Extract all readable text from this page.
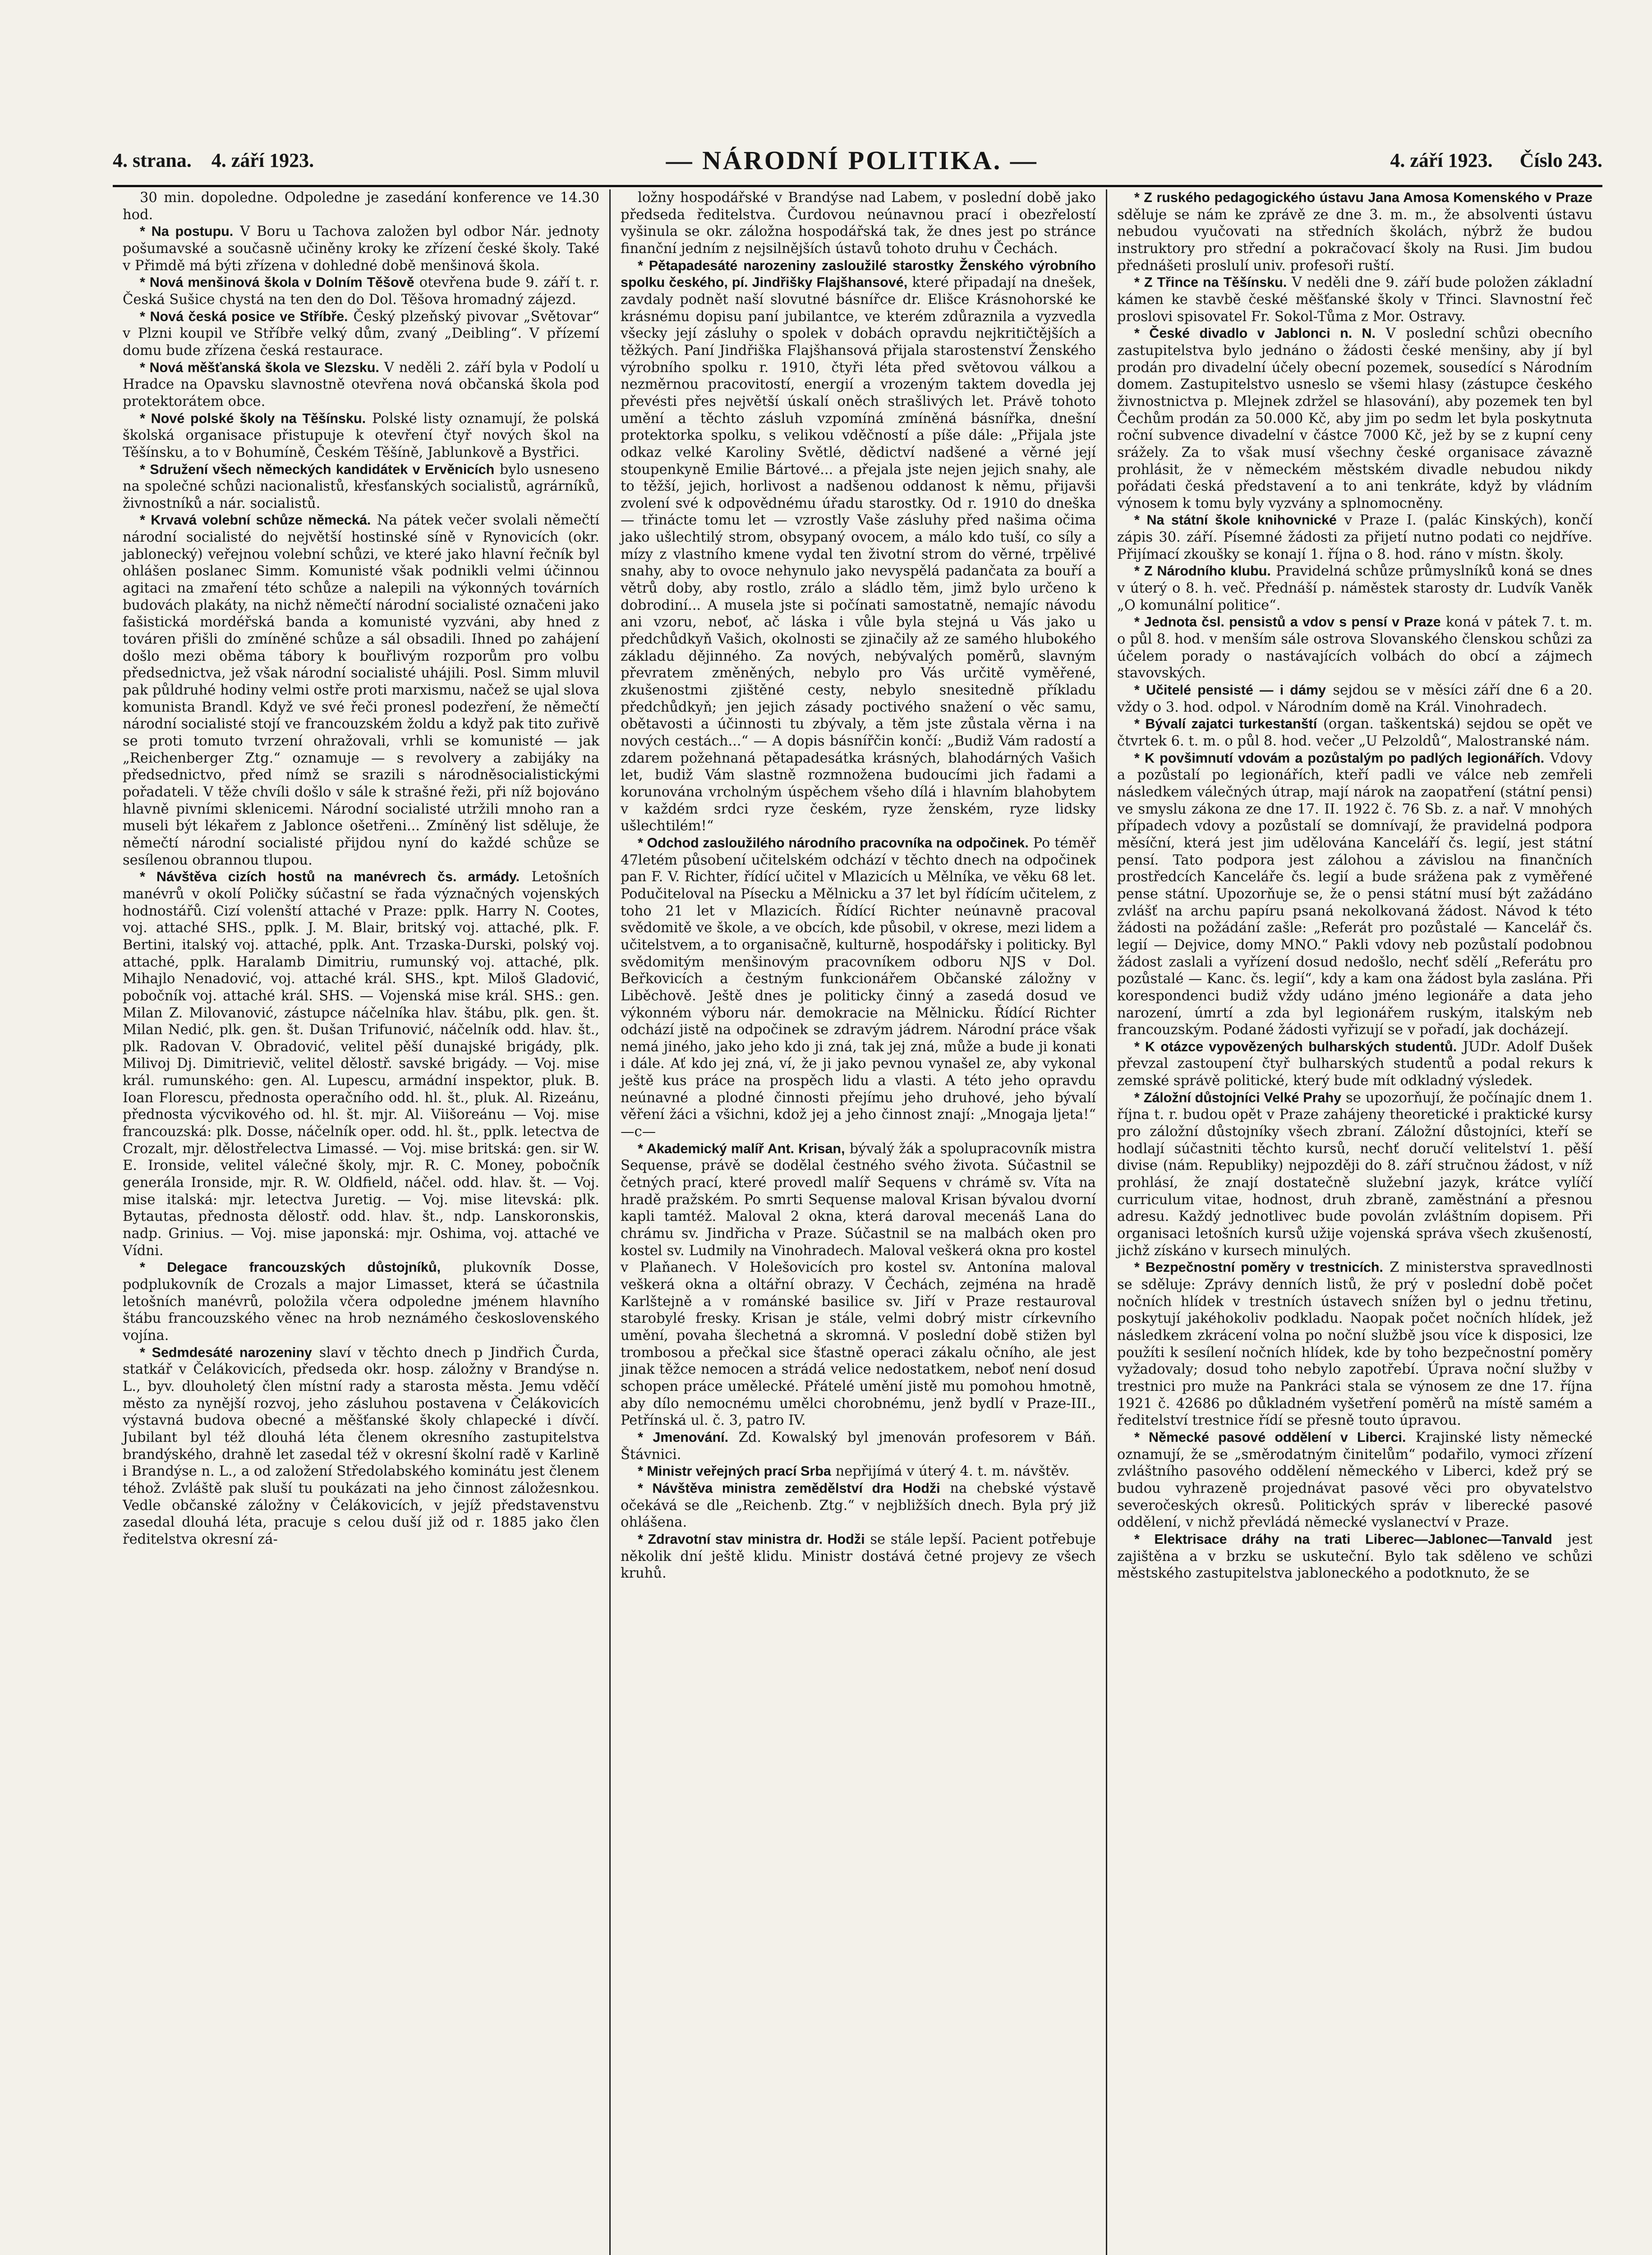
4. strana. 4. září 1923.	— NÁRODNÍ POLITIKA. —	4. září 1923. Číslo 243.

30 min. dopoledne. Odpoledne je zasedání konference ve 14.30 hod.

* Na postupu. V Boru u Tachova založen byl odbor Nár. jednoty pošumavské a současně učiněny kroky ke zřízení české školy. Také v Přimdě má býti zřízena v dohledné době menšinová škola.

* Nová menšinová škola v Dolním Těšově otevřena bude 9. září t. r. Česká Sušice chystá na ten den do Dol. Těšova hromadný zájezd.

* Nová česká posice ve Stříbře. Český plzeňský pivovar „Světovar“ v Plzni koupil ve Stříbře velký dům, zvaný „Deibling“. V přízemí domu bude zřízena česká restaurace.

* Nová měšťanská škola ve Slezsku. V neděli 2. září byla v Podolí u Hradce na Opavsku slavnostně otevřena nová občanská škola pod protektorátem obce.

* Nové polské školy na Těšínsku. Polské listy oznamují, že polská školská organisace přistupuje k otevření čtyř nových škol na Těšínsku, a to v Bohumíně, Českém Těšíně, Jablunkově a Bystřici.

* Sdružení všech německých kandidátek v Ervěnicích bylo usneseno na společné schůzi nacionalistů, křesťanských socialistů, agrárníků, živnostníků a nár. socialistů.

* Krvavá volební schůze německá. Na pátek večer svolali němečtí národní socialisté do největší hostinské síně v Rynovicích (okr. jablonecký) veřejnou volební schůzi, ve které jako hlavní řečník byl ohlášen poslanec Simm. Komunisté však podnikli velmi účinnou agitaci na zmaření této schůze a nalepili na výkonných továrních budovách plakáty, na nichž němečtí národní socialisté označeni jako fašistická mordéřská banda a komunisté vyzváni, aby hned z továren přišli do zmíněné schůze a sál obsadili. Ihned po zahájení došlo mezi oběma tábory k bouřlivým rozporům pro volbu předsednictva, jež však národní socialisté uhájili. Posl. Simm mluvil pak půldruhé hodiny velmi ostře proti marxismu, načež se ujal slova komunista Brandl. Když ve své řeči pronesl podezření, že němečtí národní socialisté stojí ve francouzském žoldu a když pak tito zuřivě se proti tomuto tvrzení ohražovali, vrhli se komunisté — jak „Reichenberger Ztg.“ oznamuje — s revolvery a zabijáky na předsednictvo, před nímž se srazili s národněsocialistickými pořadateli. V těže chvíli došlo v sále k strašné řeži, při níž bojováno hlavně pivními sklenicemi. Národní socialisté utržili mnoho ran a museli být lékařem z Jablonce ošetřeni... Zmíněný list sděluje, že němečtí národní socialisté přijdou nyní do každé schůze se sesílenou obrannou tlupou.

* Návštěva cizích hostů na manévrech čs. armády. Letošních manévrů v okolí Poličky súčastní se řada význačných vojenských hodnostářů. Cizí volenští attaché v Praze: pplk. Harry N. Cootes, voj. attaché SHS., pplk. J. M. Blair, britský voj. attaché, plk. F. Bertini, italský voj. attaché, pplk. Ant. Trzaska-Durski, polský voj. attaché, pplk. Haralamb Dimitriu, rumunský voj. attaché, plk. Mihajlo Nenadović, voj. attaché král. SHS., kpt. Miloš Gladović, pobočník voj. attaché král. SHS. — Vojenská mise král. SHS.: gen. Milan Z. Milovanović, zástupce náčelníka hlav. štábu, plk. gen. št. Milan Nedić, plk. gen. št. Dušan Trifunović, náčelník odd. hlav. št., plk. Radovan V. Obradović, velitel pěší dunajské brigády, plk. Milivoj Dj. Dimitrievič, velitel dělostř. savské brigády. — Voj. mise král. rumunského: gen. Al. Lupescu, armádní inspektor, pluk. B. Ioan Florescu, přednosta operačního odd. hl. št., pluk. Al. Rizeánu, přednosta výcvikového od. hl. št. mjr. Al. Viišoreánu — Voj. mise francouzská: plk. Dosse, náčelník oper. odd. hl. št., pplk. letectva de Crozalt, mjr. dělostřelectva Limassé. — Voj. mise britská: gen. sir W. E. Ironside, velitel válečné školy, mjr. R. C. Money, pobočník generála Ironside, mjr. R. W. Oldfield, náčel. odd. hlav. št. — Voj. mise italská: mjr. letectva Juretig. — Voj. mise litevská: plk. Bytautas, přednosta dělostř. odd. hlav. št., ndp. Lanskoronskis, nadp. Grinius. — Voj. mise japonská: mjr. Oshima, voj. attaché ve Vídni.

* Delegace francouzských důstojníků, plukovník Dosse, podplukovník de Crozals a major Limasset, která se účastnila letošních manévrů, položila včera odpoledne jménem hlavního štábu francouzského věnec na hrob neznámého československého vojína.

* Sedmdesáté narozeniny slaví v těchto dnech p Jindřich Čurda, statkář v Čelákovicích, předseda okr. hosp. záložny v Brandýse n. L., byv. dlouholetý člen místní rady a starosta města. Jemu vděčí město za nynější rozvoj, jeho zásluhou postavena v Čelákovicích výstavná budova obecné a měšťanské školy chlapecké i dívčí. Jubilant byl též dlouhá léta členem okresního zastupitelstva brandýského, drahně let zasedal též v okresní školní radě v Karlině i Brandýse n. L., a od založení Středolabského kominátu jest členem téhož. Zvláště pak sluší tu poukázati na jeho činnost záložesnkou. Vedle občanské záložny v Čelákovicích, v jejíž představenstvu zasedal dlouhá léta, pracuje s celou duší již od r. 1885 jako člen ředitelstva okresní zá-

ložny hospodářské v Brandýse nad Labem, v poslední době jako předseda ředitelstva. Čurdovou neúnavnou prací i obezřelostí vyšinula se okr. záložna hospodářská tak, že dnes jest po stránce finanční jedním z nejsilnějších ústavů tohoto druhu v Čechách.

* Pětapadesáté narozeniny zasloužilé starostky Ženského výrobního spolku českého, pí. Jindřišky Flajšhansové, které připadají na dnešek, zavdaly podnět naší slovutné básnířce dr. Elišce Krásnohorské ke krásnému dopisu paní jubilantce, ve kterém zdůraznila a vyzvedla všecky její zásluhy o spolek v dobách opravdu nejkritičtějších a těžkých. Paní Jindřiška Flajšhansová přijala starostenství Ženského výrobního spolku r. 1910, čtyři léta před světovou válkou a nezměrnou pracovitostí, energií a vrozeným taktem dovedla jej převésti přes největší úskalí oněch strašlivých let. Právě tohoto umění a těchto zásluh vzpomíná zmíněná básnířka, dnešní protektorka spolku, s velikou vděčností a píše dále: „Přijala jste odkaz velké Karoliny Světlé, dědictví nadšené a věrné její stoupenkyně Emilie Bártové... a přejala jste nejen jejich snahy, ale to těžší, jejich, horlivost a nadšenou oddanost k němu, přijavši zvolení své k odpovědnému úřadu starostky. Od r. 1910 do dneška — třinácte tomu let — vzrostly Vaše zásluhy před našima očima jako ušlechtilý strom, obsypaný ovocem, a málo kdo tuší, co síly a mízy z vlastního kmene vydal ten životní strom do věrné, trpělivé snahy, aby to ovoce nehynulo jako nevyspělá padančata za bouří a větrů doby, aby rostlo, zrálo a sládlo těm, jimž bylo určeno k dobrodiní... A musela jste si počínati samostatně, nemajíc návodu ani vzoru, neboť, ač láska i vůle byla stejná u Vás jako u předchůdkyň Vašich, okolnosti se zjinačily až ze samého hlubokého základu dějinného. Za nových, nebývalých poměrů, slavným převratem změněných, nebylo pro Vás určitě vyměřené, zkušenostmi zjištěné cesty, nebylo snesitedně příkladu předchůdkyň; jen jejich zásady poctivého snažení o věc samu, obětavosti a účinnosti tu zbývaly, a těm jste zůstala věrna i na nových cestách...“ — A dopis básnířčin končí: „Budiž Vám radostí a zdarem požehnaná pětapadesátka krásných, blahodárných Vašich let, budiž Vám slastně rozmnožena budoucími jich řadami a korunována vrcholným úspěchem všeho dílá i hlavním blahobytem v každém srdci ryze českém, ryze ženském, ryze lidsky ušlechtilém!“

* Odchod zasloužilého národního pracovníka na odpočinek. Po téměř 47letém působení učitelském odchází v těchto dnech na odpočinek pan F. V. Richter, řídící učitel v Mlazicích u Mělníka, ve věku 68 let. Podučiteloval na Písecku a Mělnicku a 37 let byl řídícím učitelem, z toho 21 let v Mlazicích. Řídící Richter neúnavně pracoval svědomitě ve škole, a ve obcích, kde působil, v okrese, mezi lidem a učitelstvem, a to organisačně, kulturně, hospodářsky i politicky. Byl svědomitým menšinovým pracovníkem odboru NJS v Dol. Beřkovicích a čestným funkcionářem Občanské záložny v Liběchově. Ještě dnes je politicky činný a zasedá dosud ve výkonném výboru nár. demokracie na Mělnicku. Řídící Richter odchází jistě na odpočinek se zdravým jádrem. Národní práce však nemá jiného, jako jeho kdo ji zná, tak jej zná, může a bude ji konati i dále. Ať kdo jej zná, ví, že ji jako pevnou vynašel ze, aby vykonal ještě kus práce na prospěch lidu a vlasti. A této jeho opravdu neúnavné a plodné činnosti přejímu jeho druhové, jeho bývalí věření žáci a všichni, kdož jej a jeho činnost znají: „Mnogaja ljeta!“ —c—

* Akademický malíř Ant. Krisan, bývalý žák a spolupracovník mistra Sequense, právě se dodělal čestného svého života. Súčastnil se četných prací, které provedl malíř Sequens v chrámě sv. Víta na hradě pražském. Po smrti Sequense maloval Krisan bývalou dvorní kapli tamtéž. Maloval 2 okna, která daroval mecenáš Lana do chrámu sv. Jindřicha v Praze. Súčastnil se na malbách oken pro kostel sv. Ludmily na Vinohradech. Maloval veškerá okna pro kostel v Plaňanech. V Holešovicích pro kostel sv. Antonína maloval veškerá okna a oltářní obrazy. V Čechách, zejména na hradě Karlštejně a v románské basilice sv. Jiří v Praze restauroval starobylé fresky. Krisan je stále, velmi dobrý mistr církevního umění, povaha šlechetná a skromná. V poslední době stižen byl trombosou a přečkal sice šťastně operaci zákalu očního, ale jest jinak těžce nemocen a strádá velice nedostatkem, neboť není dosud schopen práce umělecké. Přátelé umění jistě mu pomohou hmotně, aby dílo nemocnému umělci chorobnému, jenž bydlí v Praze-III., Petřínská ul. č. 3, patro IV.

* Jmenování. Zd. Kowalský byl jmenován profesorem v Báň. Štávnici.

* Ministr veřejných prací Srba nepřijímá v úterý 4. t. m. návštěv.

* Návštěva ministra zemědělství dra Hodži na chebské výstavě očekává se dle „Reichenb. Ztg.“ v nejbližších dnech. Byla prý již ohlášena.

* Zdravotní stav ministra dr. Hodži se stále lepší. Pacient potřebuje několik dní ještě klidu. Ministr dostává četné projevy ze všech kruhů.

* Z ruského pedagogického ústavu Jana Amosa Komenského v Praze sděluje se nám ke zprávě ze dne 3. m. m., že absolventi ústavu nebudou vyučovati na středních školách, nýbrž že budou instruktory pro střední a pokračovací školy na Rusi. Jim budou přednášeti proslulí univ. profesoři ruští.

* Z Třince na Těšínsku. V neděli dne 9. září bude položen základní kámen ke stavbě české měšťanské školy v Třinci. Slavnostní řeč proslovi spisovatel Fr. Sokol-Tůma z Mor. Ostravy.

* České divadlo v Jablonci n. N. V poslední schůzi obecního zastupitelstva bylo jednáno o žádosti české menšiny, aby jí byl prodán pro divadelní účely obecní pozemek, sousedící s Národním domem. Zastupitelstvo usneslo se všemi hlasy (zástupce českého živnostnictva p. Mlejnek zdržel se hlasování), aby pozemek ten byl Čechům prodán za 50.000 Kč, aby jim po sedm let byla poskytnuta roční subvence divadelní v částce 7000 Kč, jež by se z kupní ceny srážely. Za to však musí všechny české organisace závazně prohlásit, že v německém městském divadle nebudou nikdy pořádati česká představení a to ani tenkráte, když by vládním výnosem k tomu byly vyzvány a splnomocněny.

* Na státní škole knihovnické v Praze I. (palác Kinských), končí zápis 30. září. Písemné žádosti za přijetí nutno podati co nejdříve. Přijímací zkoušky se konají 1. října o 8. hod. ráno v místn. školy.

* Z Národního klubu. Pravidelná schůze průmyslníků koná se dnes v úterý o 8. h. več. Přednáší p. náměstek starosty dr. Ludvík Vaněk „O komunální politice“.

* Jednota čsl. pensistů a vdov s pensí v Praze koná v pátek 7. t. m. o půl 8. hod. v menším sále ostrova Slovanského členskou schůzi za účelem porady o nastávajících volbách do obcí a zájmech stavovských.

* Učitelé pensisté — i dámy sejdou se v měsíci září dne 6 a 20. vždy o 3. hod. odpol. v Národním domě na Král. Vinohradech.

* Bývalí zajatci turkestanští (organ. taškentská) sejdou se opět ve čtvrtek 6. t. m. o půl 8. hod. večer „U Pelzoldů“, Malostranské nám.

* K povšimnutí vdovám a pozůstalým po padlých legionářích. Vdovy a pozůstalí po legionářích, kteří padli ve válce neb zemřeli následkem válečných útrap, mají nárok na zaopatření (státní pensi) ve smyslu zákona ze dne 17. II. 1922 č. 76 Sb. z. a nař. V mnohých případech vdovy a pozůstalí se domnívají, že pravidelná podpora měsíční, která jest jim udělována Kanceláří čs. legií, jest státní pensí. Tato podpora jest zálohou a závislou na finančních prostředcích Kanceláře čs. legií a bude srážena pak z vyměřené pense státní. Upozorňuje se, že o pensi státní musí být zažádáno zvlášť na archu papíru psaná nekolkovaná žádost. Návod k této žádosti na požádání zašle: „Referát pro pozůstalé — Kancelář čs. legií — Dejvice, domy MNO.“ Pakli vdovy neb pozůstalí podobnou žádost zaslali a vyřízení dosud nedošlo, nechť sdělí „Referátu pro pozůstalé — Kanc. čs. legií“, kdy a kam ona žádost byla zaslána. Při korespondenci budiž vždy udáno jméno legionáře a data jeho narození, úmrtí a zda byl legionářem ruským, italským neb francouzským. Podané žádosti vyřizují se v pořadí, jak docházejí.

* K otázce vypovězených bulharských studentů. JUDr. Adolf Dušek převzal zastoupení čtyř bulharských studentů a podal rekurs k zemské správě politické, který bude mít odkladný výsledek.

* Záložní důstojníci Velké Prahy se upozorňují, že počínajíc dnem 1. října t. r. budou opět v Praze zahájeny theoretické i praktické kursy pro záložní důstojníky všech zbraní. Záložní důstojníci, kteří se hodlají súčastniti těchto kursů, nechť doručí velitelství 1. pěší divise (nám. Republiky) nejpozději do 8. září stručnou žádost, v níž prohlásí, že znají dostatečně služební jazyk, krátce vylíčí curriculum vitae, hodnost, druh zbraně, zaměstnání a přesnou adresu. Každý jednotlivec bude povolán zvláštním dopisem. Při organisaci letošních kursů užije vojenská správa všech zkušeností, jichž získáno v kursech minulých.

* Bezpečnostní poměry v trestnicích. Z ministerstva spravedlnosti se sděluje: Zprávy denních listů, že prý v poslední době počet nočních hlídek v trestních ústavech snížen byl o jednu třetinu, poskytují jakéhokoliv podkladu. Naopak počet nočních hlídek, jež následkem zkrácení volna po noční službě jsou více k disposici, lze použíti k sesílení nočních hlídek, kde by toho bezpečnostní poměry vyžadovaly; dosud toho nebylo zapotřebí. Úprava noční služby v trestnici pro muže na Pankráci stala se výnosem ze dne 17. října 1921 č. 42686 po důkladném vyšetření poměrů na místě samém a ředitelství trestnice řídí se přesně touto úpravou.

* Německé pasové oddělení v Liberci. Krajinské listy německé oznamují, že se „směrodatným činitelům“ podařilo, vymoci zřízení zvláštního pasového oddělení německého v Liberci, kdež prý se budou vyhrazeně projednávat pasové věci pro obyvatelstvo severočeských okresů. Politických správ v liberecké pasové oddělení, v nichž převládá německé vyslanectví v Praze.

* Elektrisace dráhy na trati Liberec—Jablonec—Tanvald jest zajištěna a v brzku se uskuteční. Bylo tak sděleno ve schůzi městského zastupitelstva jabloneckého a podotknuto, že se
